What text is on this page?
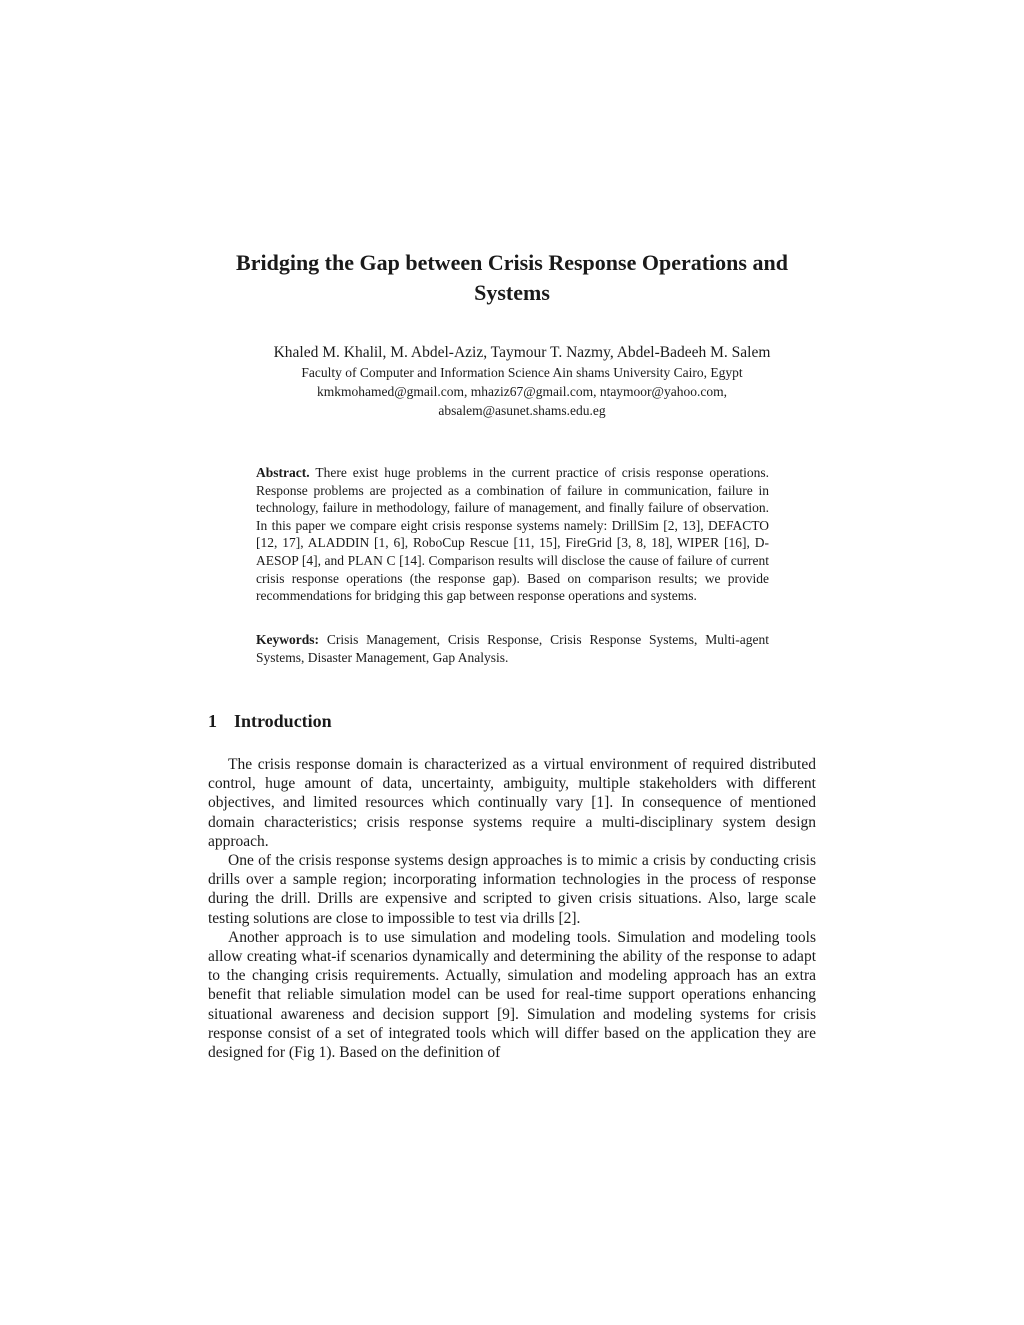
Bridging the Gap between Crisis Response Operations and Systems
Khaled M. Khalil, M. Abdel-Aziz, Taymour T. Nazmy, Abdel-Badeeh M. Salem
Faculty of Computer and Information Science Ain shams University Cairo, Egypt
kmkmohamed@gmail.com, mhaziz67@gmail.com, ntaymoor@yahoo.com,
absalem@asunet.shams.edu.eg

Abstract. There exist huge problems in the current practice of crisis response operations. Response problems are projected as a combination of failure in communication, failure in technology, failure in methodology, failure of management, and finally failure of observation. In this paper we compare eight crisis response systems namely: DrillSim [2, 13], DEFACTO [12, 17], ALADDIN [1, 6], RoboCup Rescue [11, 15], FireGrid [3, 8, 18], WIPER [16], D-AESOP [4], and PLAN C [14]. Comparison results will disclose the cause of failure of current crisis response operations (the response gap). Based on comparison results; we provide recommendations for bridging this gap between response operations and systems.

Keywords: Crisis Management, Crisis Response, Crisis Response Systems, Multi-agent Systems, Disaster Management, Gap Analysis.

1 Introduction

The crisis response domain is characterized as a virtual environment of required distributed control, huge amount of data, uncertainty, ambiguity, multiple stakeholders with different objectives, and limited resources which continually vary [1]. In consequence of mentioned domain characteristics; crisis response systems require a multi-disciplinary system design approach.

One of the crisis response systems design approaches is to mimic a crisis by conducting crisis drills over a sample region; incorporating information technologies in the process of response during the drill. Drills are expensive and scripted to given crisis situations. Also, large scale testing solutions are close to impossible to test via drills [2].

Another approach is to use simulation and modeling tools. Simulation and modeling tools allow creating what-if scenarios dynamically and determining the ability of the response to adapt to the changing crisis requirements. Actually, simulation and modeling approach has an extra benefit that reliable simulation model can be used for real-time support operations enhancing situational awareness and decision support [9]. Simulation and modeling systems for crisis response consist of a set of integrated tools which will differ based on the application they are designed for (Fig 1). Based on the definition of
